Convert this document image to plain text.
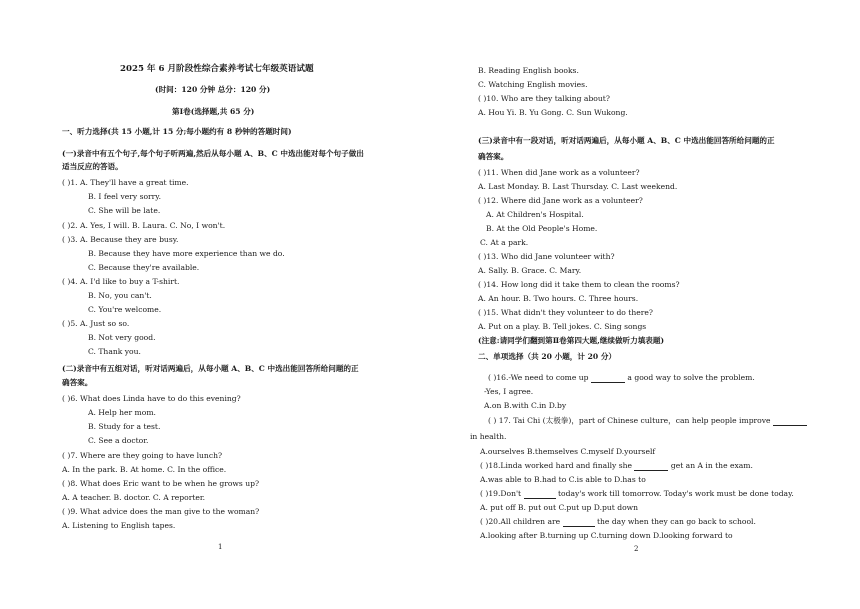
2025 年 6 月阶段性综合素养考试七年级英语试题
(时间：120 分钟 总分：120 分)
第Ⅰ卷(选择题,共 65 分)
一、听力选择(共 15 小题,计 15 分;每小题约有 8 秒钟的答题时间)
(一)录音中有五个句子,每个句子听两遍,然后从每小题 A、B、C 中选出能对每个句子做出
适当反应的答语。
( )1. A. They'll have a great time.
B. I feel very sorry.
C. She will be late.
( )2. A. Yes, I will. B. Laura. C. No, I won't.
( )3. A. Because they are busy.
B. Because they have more experience than we do.
C. Because they're available.
( )4. A. I'd like to buy a T-shirt.
B. No, you can't.
C. You're welcome.
( )5. A. Just so so.
B. Not very good.
C. Thank you.
(二)录音中有五组对话，听对话两遍后，从每小题 A、B、C 中选出能回答所给问题的正
确答案。
( )6. What does Linda have to do this evening?
A. Help her mom.
B. Study for a test.
C. See a doctor.
( )7. Where are they going to have lunch?
A. In the park. B. At home. C. In the office.
( )8. What does Eric want to be when he grows up?
A. A teacher. B. doctor. C. A reporter.
( )9. What advice does the man give to the woman?
A. Listening to English tapes.
1
B. Reading English books.
C. Watching English movies.
( )10. Who are they talking about?
A. Hou Yi. B. Yu Gong. C. Sun Wukong.
(三)录音中有一段对话，听对话两遍后，从每小题 A、B、C 中选出能回答所给问题的正
确答案。
( )11. When did Jane work as a volunteer?
A. Last Monday. B. Last Thursday. C. Last weekend.
( )12. Where did Jane work as a volunteer?
A. At Children's Hospital.
B. At the Old People's Home.
C. At a park.
( )13. Who did Jane volunteer with?
A. Sally. B. Grace. C. Mary.
( )14. How long did it take them to clean the rooms?
A. An hour. B. Two hours. C. Three hours.
( )15. What didn't they volunteer to do there?
A. Put on a play. B. Tell jokes. C. Sing songs
(注意:请同学们翻到第Ⅱ卷第四大题,继续做听力填表题)
二、单项选择（共 20 小题，计 20 分）
( )16.-We need to come up	a good way to solve the problem.
-Yes, I agree.
A.on B.with C.in D.by
( ) 17. Tai Chi (太极拳)，part of Chinese culture，can help people improve
in health.
A.ourselves B.themselves C.myself D.yourself
( )18.Linda worked hard and finally she	get an A in the exam.
A.was able to B.had to C.is able to D.has to
( )19.Don't	today's work till tomorrow. Today's work must be done today.
A. put off B. put out C.put up D.put down
( )20.All children are	the day when they can go back to school.
A.looking after B.turning up C.turning down D.looking forward to
2
